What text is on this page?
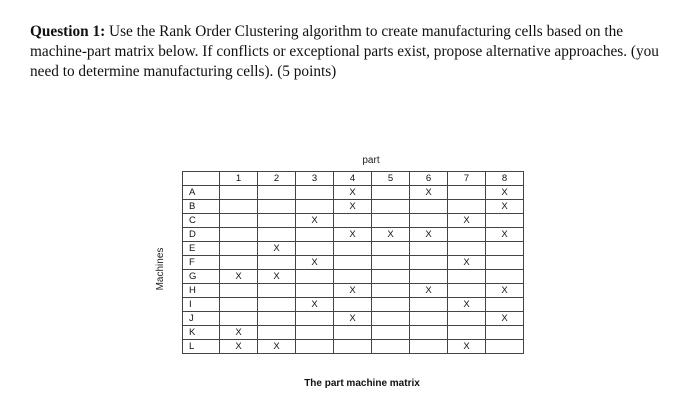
Question 1: Use the Rank Order Clustering algorithm to create manufacturing cells based on the machine-part matrix below. If conflicts or exceptional parts exist, propose alternative approaches. (you need to determine manufacturing cells). (5 points)
part
Machines
	1	2	3	4	5	6	7	8
A				X		X		X
B				X				X
C			X				X	
D				X	X	X		X
E		X						
F			X				X	
G	X	X						
H				X		X		X
I			X				X	
J				X				X
K	X							
L	X	X					X	
The part machine matrix
